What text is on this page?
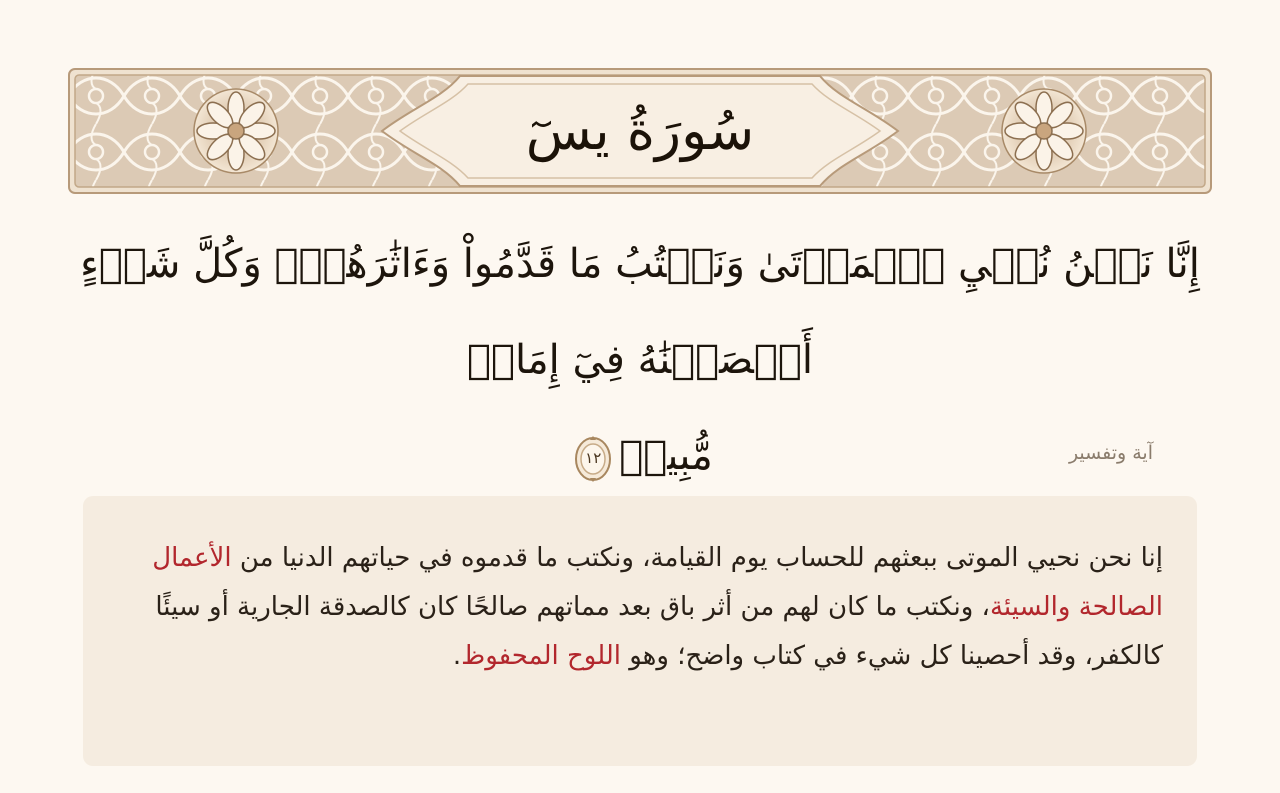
سُورَةُ يسٓ
إِنَّا نَحۡنُ نُحۡيِ ٱلۡمَوۡتَىٰ وَنَكۡتُبُ مَا قَدَّمُواْ وَءَاثَٰرَهُمۡۚ وَكُلَّ شَيۡءٍ أَحۡصَيۡنَٰهُ فِيٓ إِمَامٖ
مُّبِينٖ
١٢	آية وتفسير
إنا نحن نحيي الموتى ببعثهم للحساب يوم القيامة، ونكتب ما قدموه في حياتهم الدنيا من الأعمال الصالحة والسيئة، ونكتب ما كان لهم من أثر باق بعد مماتهم صالحًا كان كالصدقة الجارية أو سيئًا كالكفر، وقد أحصينا كل شيء في كتاب واضح؛ وهو اللوح المحفوظ.
